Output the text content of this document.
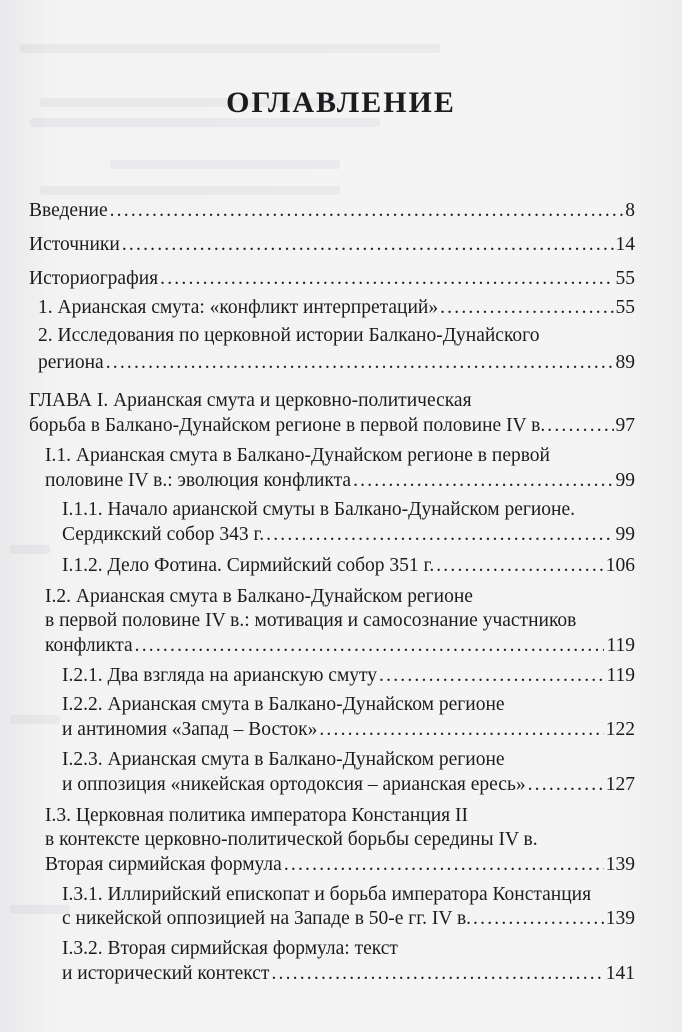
ОГЛАВЛЕНИЕ
Введение .....	8
Источники .....	14
Историография .....	55
1. Арианская смута: «конфликт интерпретаций» .....	55
2. Исследования по церковной истории Балкано-Дунайского
региона .....	89
ГЛАВА I. Арианская смута и церковно-политическая
борьба в Балкано-Дунайском регионе в первой половине IV в. .....	97
I.1. Арианская смута в Балкано-Дунайском регионе в первой
половине IV в.: эволюция конфликта .....	99
I.1.1. Начало арианской смуты в Балкано-Дунайском регионе.
Сердикский собор 343 г. .....	99
I.1.2. Дело Фотина. Сирмийский собор 351 г. .....	106
I.2. Арианская смута в Балкано-Дунайском регионе
в первой половине IV в.: мотивация и самосознание участников
конфликта .....	119
I.2.1. Два взгляда на арианскую смуту .....	119
I.2.2. Арианская смута в Балкано-Дунайском регионе
и антиномия «Запад – Восток» .....	122
I.2.3. Арианская смута в Балкано-Дунайском регионе
и оппозиция «никейская ортодоксия – арианская ересь» .....	127
I.3. Церковная политика императора Констанция II
в контексте церковно-политической борьбы середины IV в.
Вторая сирмийская формула .....	139
I.3.1. Иллирийский епископат и борьба императора Констанция
с никейской оппозицией на Западе в 50-е гг. IV в. .....	139
I.3.2. Вторая сирмийская формула: текст
и исторический контекст .....	141
